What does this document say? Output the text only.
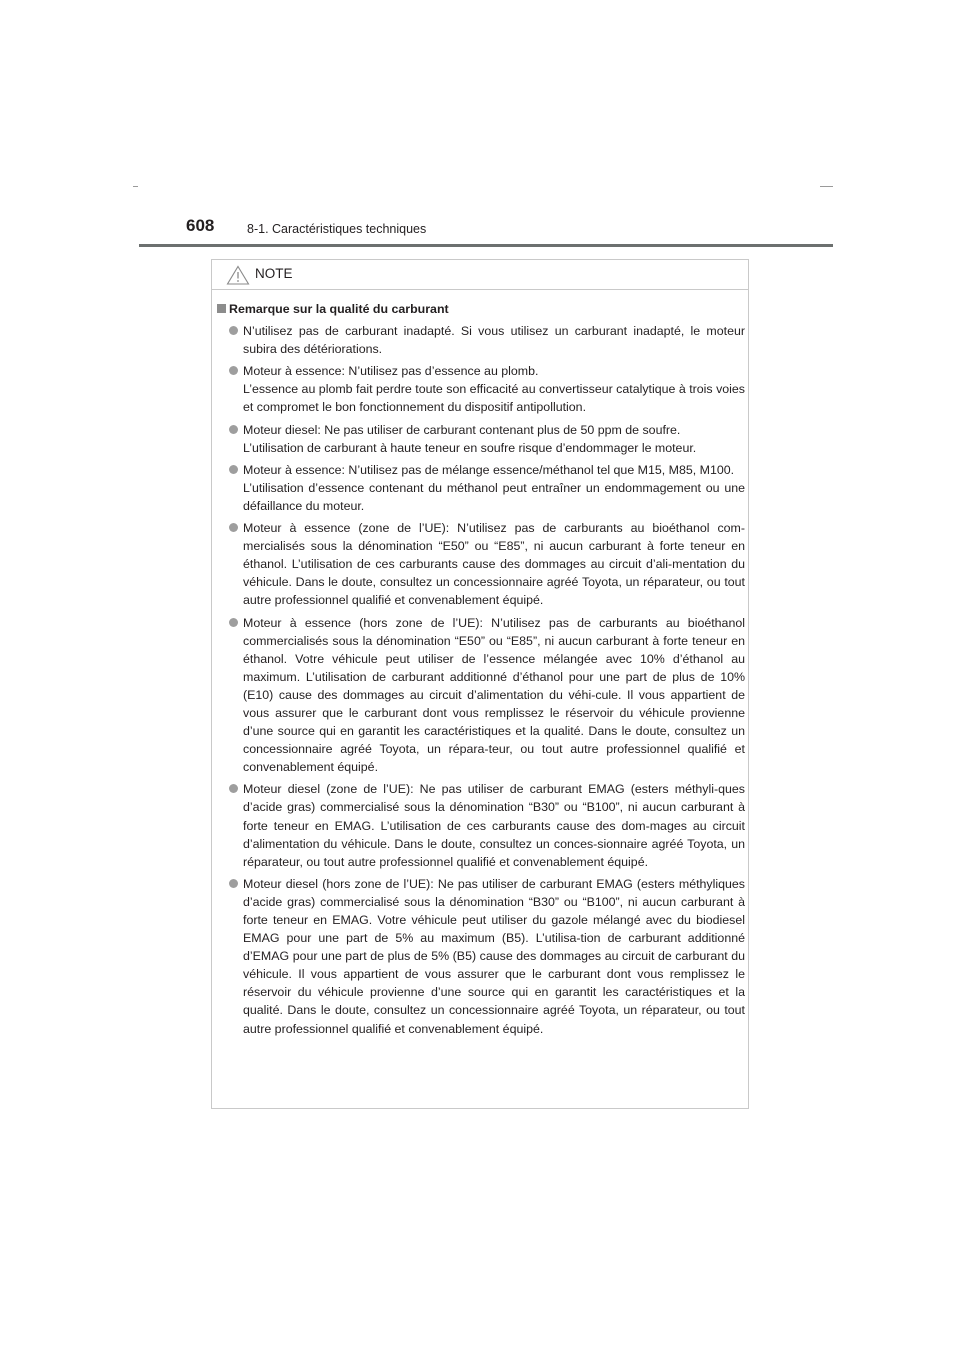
608	8-1. Caractéristiques techniques
NOTE
Remarque sur la qualité du carburant

N’utilisez pas de carburant inadapté. Si vous utilisez un carburant inadapté, le moteur subira des détériorations.

Moteur à essence: N’utilisez pas d’essence au plomb.

L’essence au plomb fait perdre toute son efficacité au convertisseur catalytique à trois voies et compromet le bon fonctionnement du dispositif antipollution.

Moteur diesel: Ne pas utiliser de carburant contenant plus de 50 ppm de soufre.

L’utilisation de carburant à haute teneur en soufre risque d’endommager le moteur.

Moteur à essence: N’utilisez pas de mélange essence/méthanol tel que M15, M85, M100.

L’utilisation d’essence contenant du méthanol peut entraîner un endommagement ou une défaillance du moteur.

Moteur à essence (zone de l’UE): N’utilisez pas de carburants au bioéthanol com-mercialisés sous la dénomination “E50” ou “E85”, ni aucun carburant à forte teneur en éthanol. L’utilisation de ces carburants cause des dommages au circuit d’ali-mentation du véhicule. Dans le doute, consultez un concessionnaire agréé Toyota, un réparateur, ou tout autre professionnel qualifié et convenablement équipé.

Moteur à essence (hors zone de l’UE): N’utilisez pas de carburants au bioéthanol commercialisés sous la dénomination “E50” ou “E85”, ni aucun carburant à forte teneur en éthanol. Votre véhicule peut utiliser de l’essence mélangée avec 10% d’éthanol au maximum. L’utilisation de carburant additionné d’éthanol pour une part de plus de 10% (E10) cause des dommages au circuit d’alimentation du véhi-cule. Il vous appartient de vous assurer que le carburant dont vous remplissez le réservoir du véhicule provienne d’une source qui en garantit les caractéristiques et la qualité. Dans le doute, consultez un concessionnaire agréé Toyota, un répara-teur, ou tout autre professionnel qualifié et convenablement équipé.

Moteur diesel (zone de l’UE): Ne pas utiliser de carburant EMAG (esters méthyli-ques d’acide gras) commercialisé sous la dénomination “B30” ou “B100”, ni aucun carburant à forte teneur en EMAG. L’utilisation de ces carburants cause des dom-mages au circuit d’alimentation du véhicule. Dans le doute, consultez un conces-sionnaire agréé Toyota, un réparateur, ou tout autre professionnel qualifié et convenablement équipé.

Moteur diesel (hors zone de l’UE): Ne pas utiliser de carburant EMAG (esters méthyliques d’acide gras) commercialisé sous la dénomination “B30” ou “B100”, ni aucun carburant à forte teneur en EMAG. Votre véhicule peut utiliser du gazole mélangé avec du biodiesel EMAG pour une part de 5% au maximum (B5). L’utilisa-tion de carburant additionné d’EMAG pour une part de plus de 5% (B5) cause des dommages au circuit de carburant du véhicule. Il vous appartient de vous assurer que le carburant dont vous remplissez le réservoir du véhicule provienne d’une source qui en garantit les caractéristiques et la qualité. Dans le doute, consultez un concessionnaire agréé Toyota, un réparateur, ou tout autre professionnel qualifié et convenablement équipé.
